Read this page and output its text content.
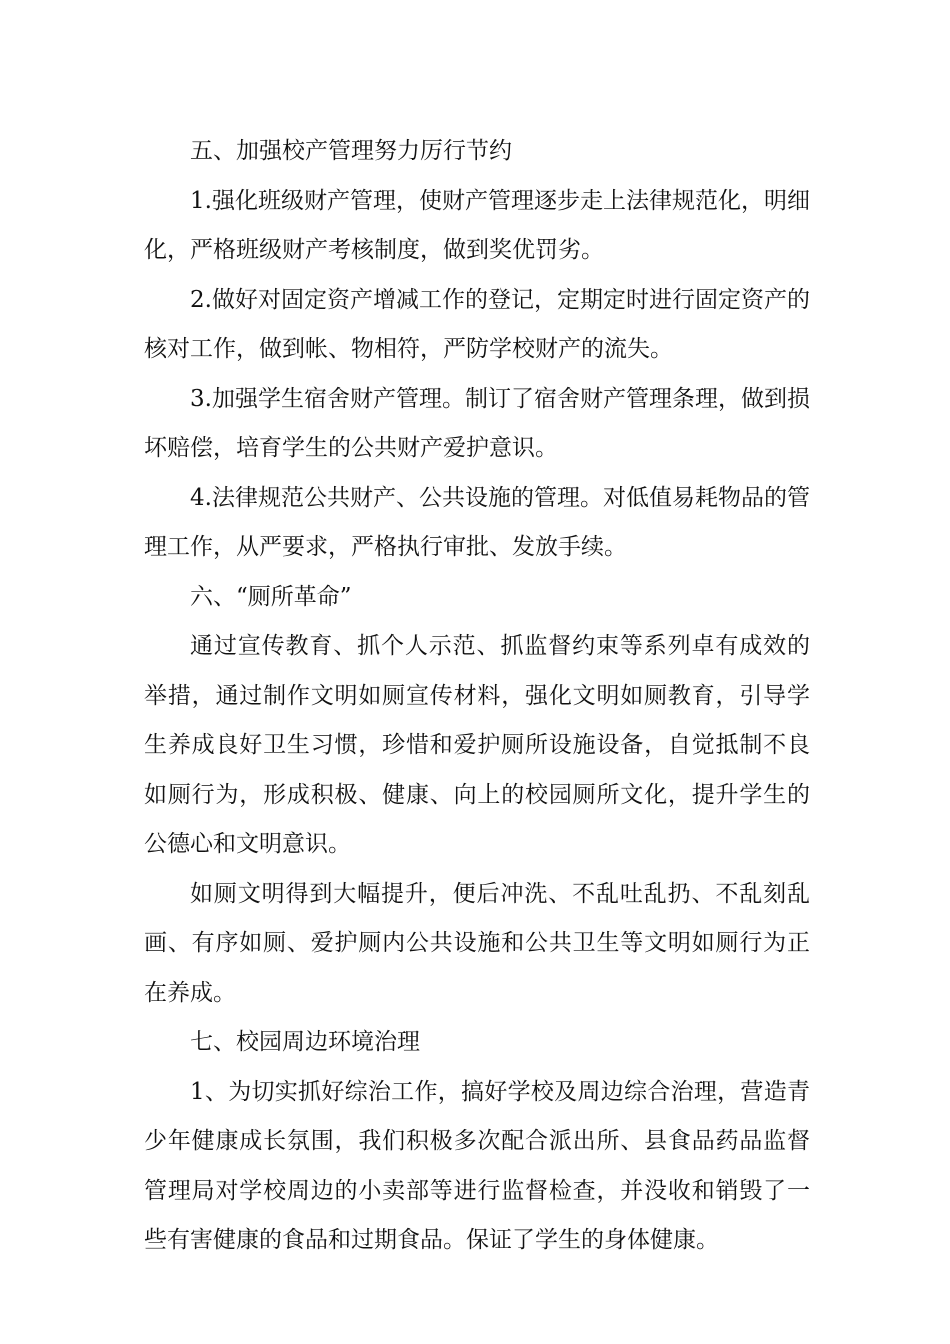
五、加强校产管理努力厉行节约

1.强化班级财产管理，使财产管理逐步走上法律规范化，明细化，严格班级财产考核制度，做到奖优罚劣。

2.做好对固定资产增减工作的登记，定期定时进行固定资产的核对工作，做到帐、物相符，严防学校财产的流失。

3.加强学生宿舍财产管理。制订了宿舍财产管理条理，做到损坏赔偿，培育学生的公共财产爱护意识。

4.法律规范公共财产、公共设施的管理。对低值易耗物品的管理工作，从严要求，严格执行审批、发放手续。

六、“厕所革命”

通过宣传教育、抓个人示范、抓监督约束等系列卓有成效的举措，通过制作文明如厕宣传材料，强化文明如厕教育，引导学生养成良好卫生习惯，珍惜和爱护厕所设施设备，自觉抵制不良如厕行为，形成积极、健康、向上的校园厕所文化，提升学生的公德心和文明意识。

如厕文明得到大幅提升，便后冲洗、不乱吐乱扔、不乱刻乱画、有序如厕、爱护厕内公共设施和公共卫生等文明如厕行为正在养成。

七、校园周边环境治理

1、为切实抓好综治工作，搞好学校及周边综合治理，营造青少年健康成长氛围，我们积极多次配合派出所、县食品药品监督管理局对学校周边的小卖部等进行监督检查，并没收和销毁了一些有害健康的食品和过期食品。保证了学生的身体健康。
